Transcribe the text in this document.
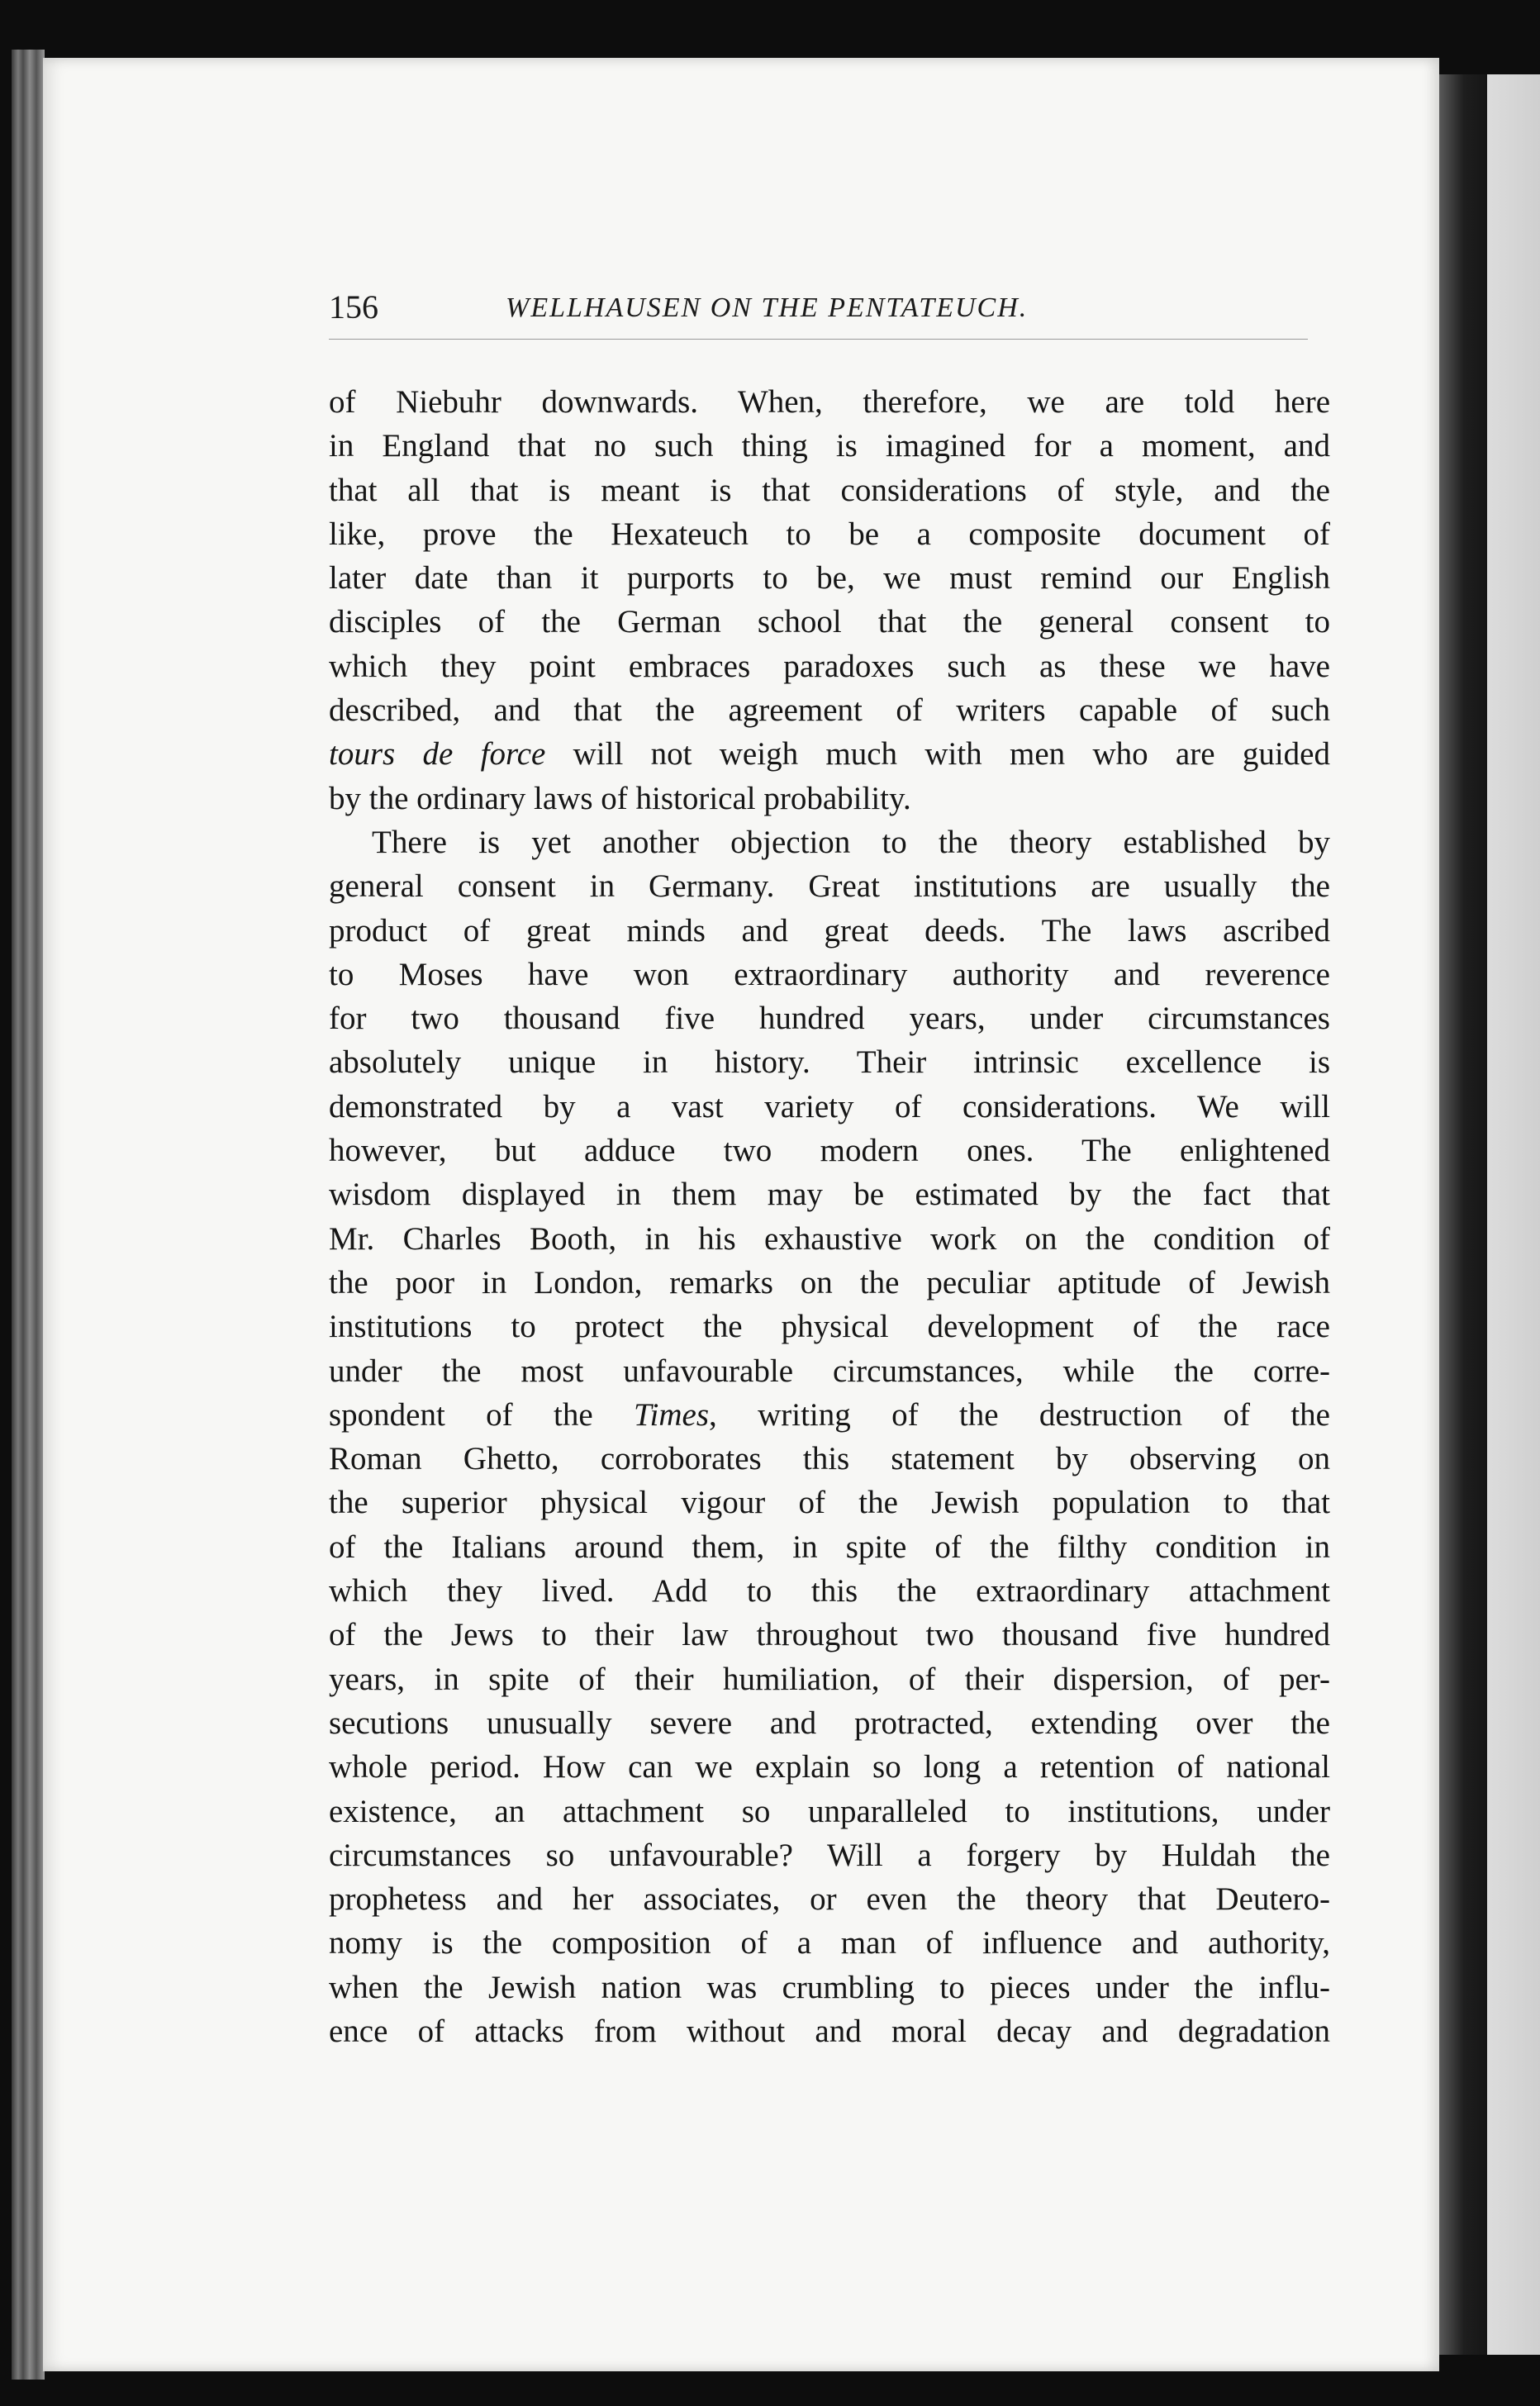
156	WELLHAUSEN ON THE PENTATEUCH.
of Niebuhr downwards. When, therefore, we are told here
in England that no such thing is imagined for a moment, and
that all that is meant is that considerations of style, and the
like, prove the Hexateuch to be a composite document of
later date than it purports to be, we must remind our English
disciples of the German school that the general consent to
which they point embraces paradoxes such as these we have
described, and that the agreement of writers capable of such
tours de force will not weigh much with men who are guided
by the ordinary laws of historical probability.
There is yet another objection to the theory established by
general consent in Germany. Great institutions are usually the
product of great minds and great deeds. The laws ascribed
to Moses have won extraordinary authority and reverence
for two thousand five hundred years, under circumstances
absolutely unique in history. Their intrinsic excellence is
demonstrated by a vast variety of considerations. We will
however, but adduce two modern ones. The enlightened
wisdom displayed in them may be estimated by the fact that
Mr. Charles Booth, in his exhaustive work on the condition of
the poor in London, remarks on the peculiar aptitude of Jewish
institutions to protect the physical development of the race
under the most unfavourable circumstances, while the corre-
spondent of the Times, writing of the destruction of the
Roman Ghetto, corroborates this statement by observing on
the superior physical vigour of the Jewish population to that
of the Italians around them, in spite of the filthy condition in
which they lived. Add to this the extraordinary attachment
of the Jews to their law throughout two thousand five hundred
years, in spite of their humiliation, of their dispersion, of per-
secutions unusually severe and protracted, extending over the
whole period. How can we explain so long a retention of national
existence, an attachment so unparalleled to institutions, under
circumstances so unfavourable? Will a forgery by Huldah the
prophetess and her associates, or even the theory that Deutero-
nomy is the composition of a man of influence and authority,
when the Jewish nation was crumbling to pieces under the influ-
ence of attacks from without and moral decay and degradation
